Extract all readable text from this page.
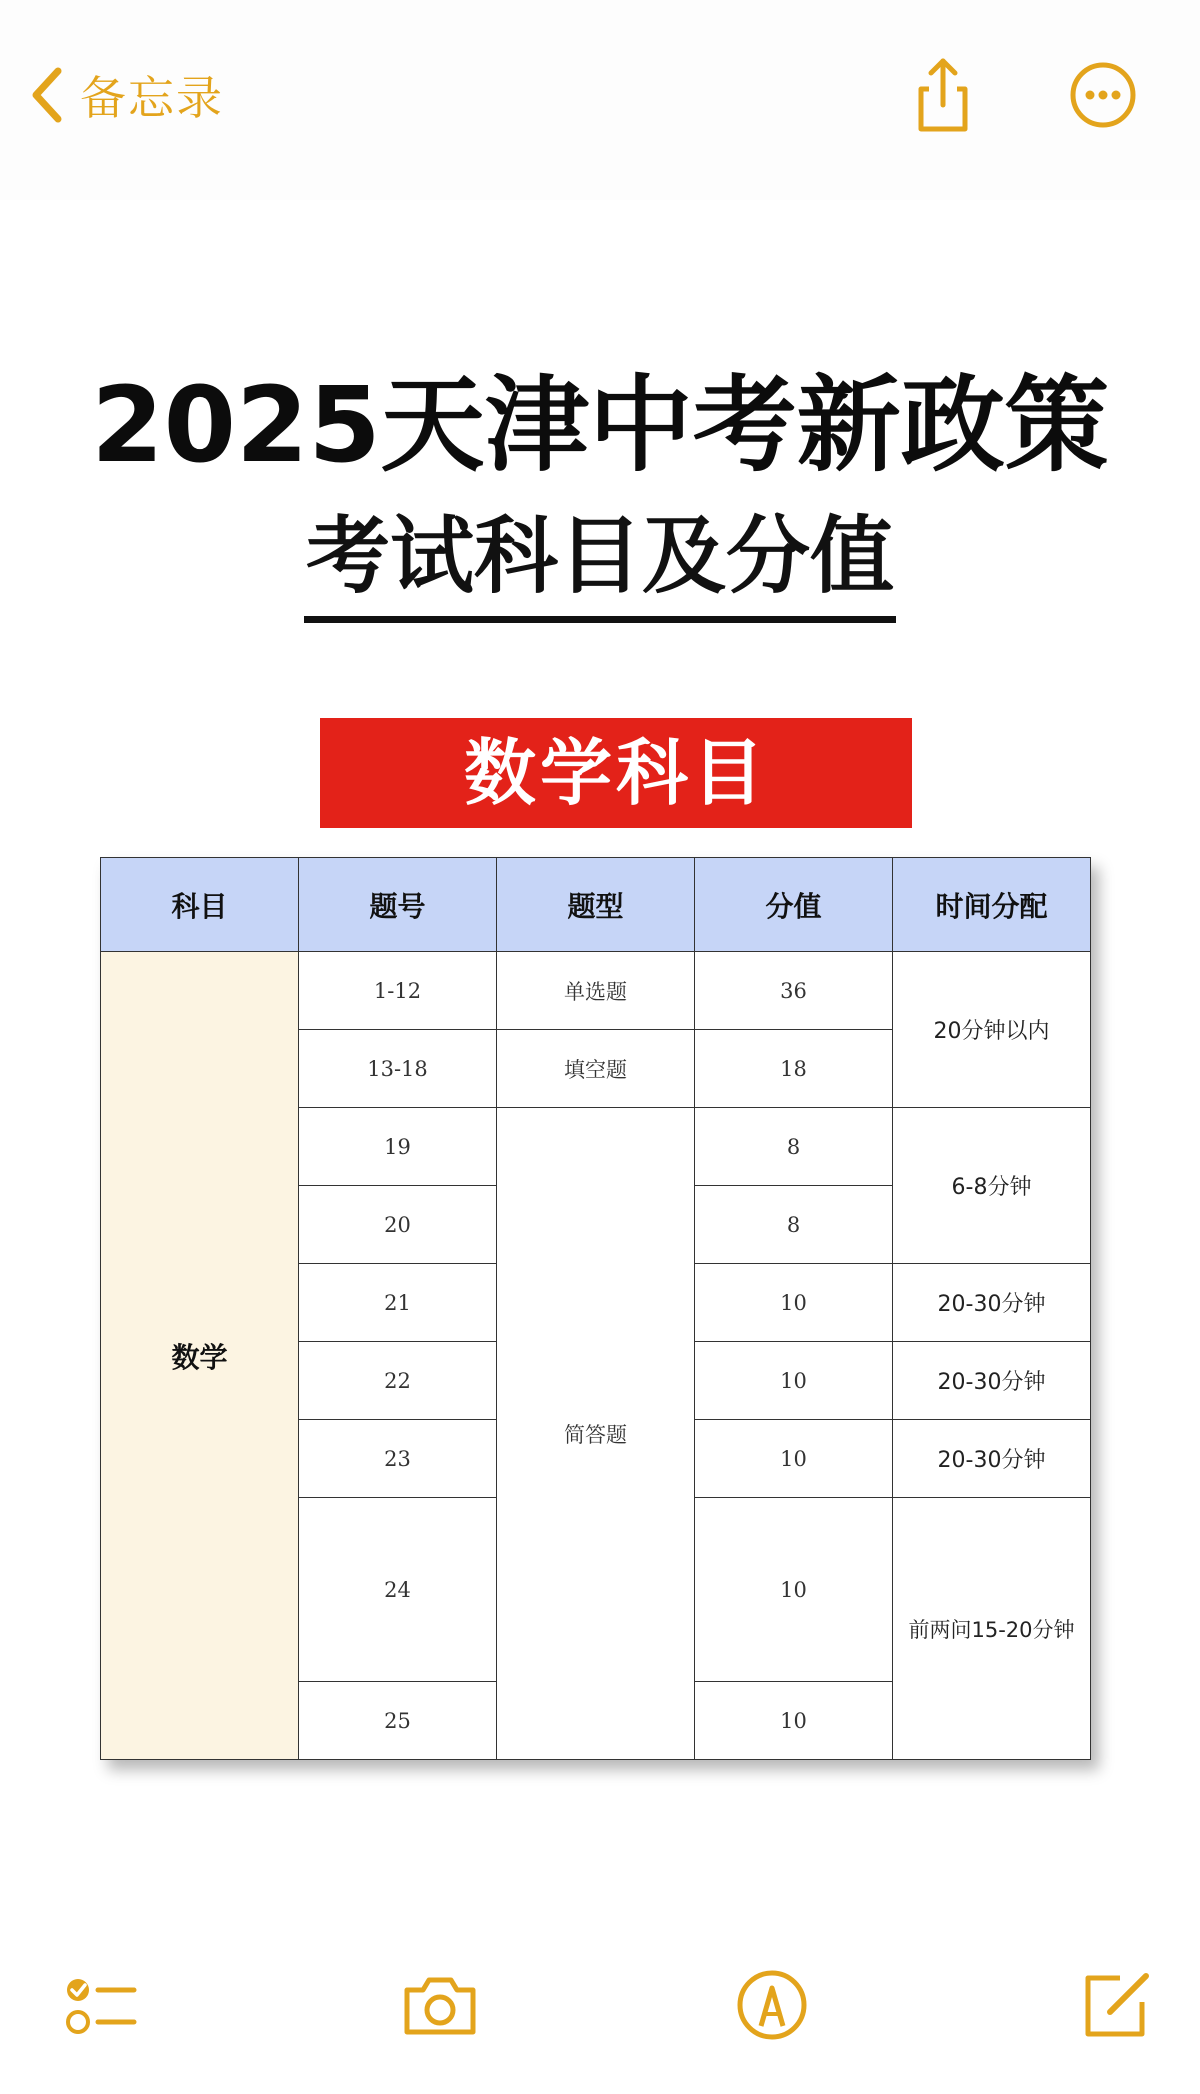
备忘录
2025天津中考新政策
考试科目及分值
数学科目
科目	题号	题型	分值	时间分配
数学	1-12	单选题	36	20分钟以内
	13-18	填空题	18	
	19	简答题	8	6-8分钟
	20		8	
	21		10	20-30分钟
	22		10	20-30分钟
	23		10	20-30分钟
	24		10	前两问15-20分钟
	25		10	
